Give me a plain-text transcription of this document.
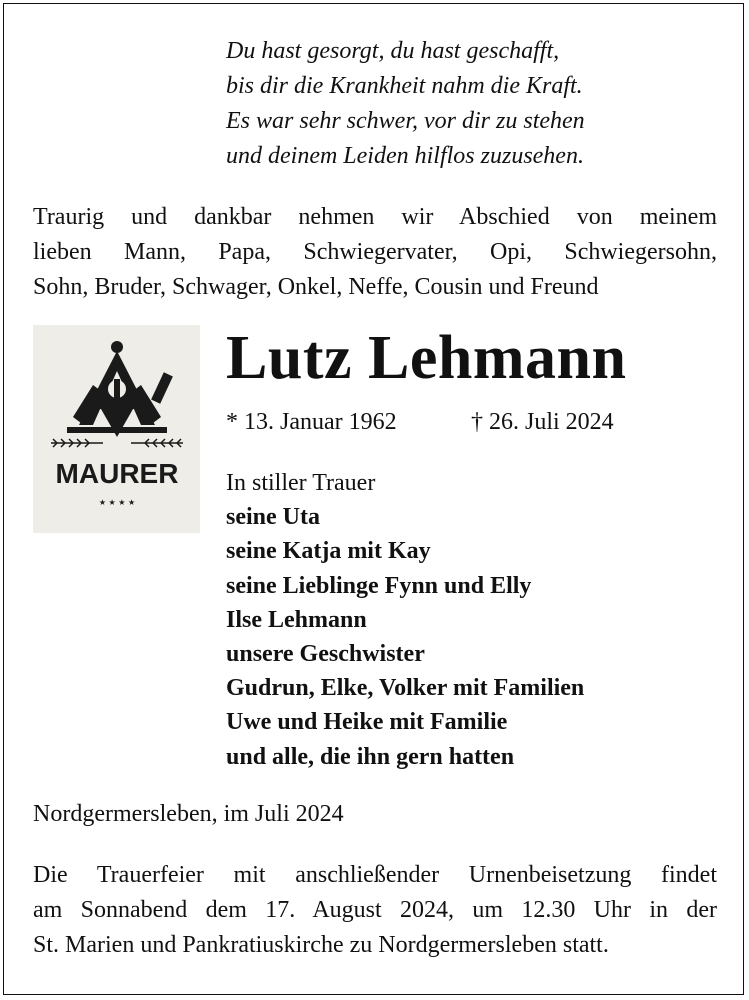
Du hast gesorgt, du hast geschafft,
bis dir die Krankheit nahm die Kraft.
Es war sehr schwer, vor dir zu stehen
und deinem Leiden hilflos zuzusehen.
Traurig und dankbar nehmen wir Abschied von meinem
lieben Mann, Papa, Schwiegervater, Opi, Schwiegersohn,
Sohn, Bruder, Schwager, Onkel, Neffe, Cousin und Freund
MAURER
★ ★ ★ ★
Lutz Lehmann
* 13. Januar 1962	† 26. Juli 2024
In stiller Trauer
seine Uta
seine Katja mit Kay
seine Lieblinge Fynn und Elly
Ilse Lehmann
unsere Geschwister
Gudrun, Elke, Volker mit Familien
Uwe und Heike mit Familie
und alle, die ihn gern hatten
Nordgermersleben, im Juli 2024
Die Trauerfeier mit anschließender Urnenbeisetzung findet
am Sonnabend dem 17. August 2024, um 12.30 Uhr in der
St. Marien und Pankratiuskirche zu Nordgermersleben statt.
